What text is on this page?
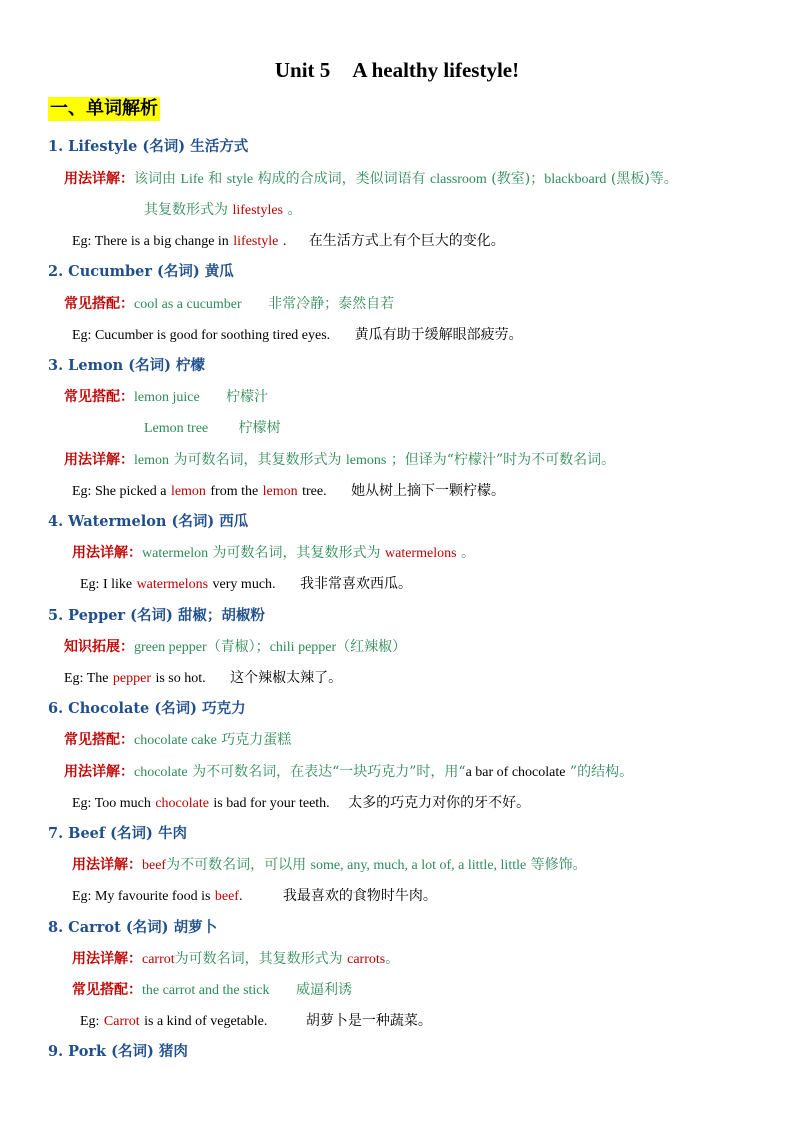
Unit 5 A healthy lifestyle!
一、单词解析
1. Lifestyle (名词) 生活方式
用法详解：该词由 Life 和 style 构成的合成词，类似词语有 classroom (教室)；blackboard (黑板)等。
其复数形式为 lifestyles 。
Eg: There is a big change in lifestyle . 在生活方式上有个巨大的变化。
2. Cucumber (名词) 黄瓜
常见搭配：cool as a cucumber 非常冷静；泰然自若
Eg: Cucumber is good for soothing tired eyes. 黄瓜有助于缓解眼部疲劳。
3. Lemon (名词) 柠檬
常见搭配：lemon juice 柠檬汁
Lemon tree 柠檬树
用法详解：lemon 为可数名词，其复数形式为 lemons ；但译为“柠檬汁”时为不可数名词。
Eg: She picked a lemon from the lemon tree. 她从树上摘下一颗柠檬。
4. Watermelon (名词) 西瓜
用法详解：watermelon 为可数名词，其复数形式为 watermelons 。
Eg: I like watermelons very much. 我非常喜欢西瓜。
5. Pepper (名词) 甜椒；胡椒粉
知识拓展：green pepper（青椒）；chili pepper（红辣椒）
Eg: The pepper is so hot. 这个辣椒太辣了。
6. Chocolate (名词) 巧克力
常见搭配：chocolate cake 巧克力蛋糕
用法详解：chocolate 为不可数名词，在表达“一块巧克力”时，用“a bar of chocolate ”的结构。
Eg: Too much chocolate is bad for your teeth. 太多的巧克力对你的牙不好。
7. Beef (名词) 牛肉
用法详解：beef为不可数名词，可以用 some, any, much, a lot of, a little, little 等修饰。
Eg: My favourite food is beef.	我最喜欢的食物时牛肉。
8. Carrot (名词) 胡萝卜
用法详解：carrot为可数名词，其复数形式为 carrots。
常见搭配：the carrot and the stick 威逼利诱
Eg: Carrot is a kind of vegetable.	胡萝卜是一种蔬菜。
9. Pork (名词) 猪肉
